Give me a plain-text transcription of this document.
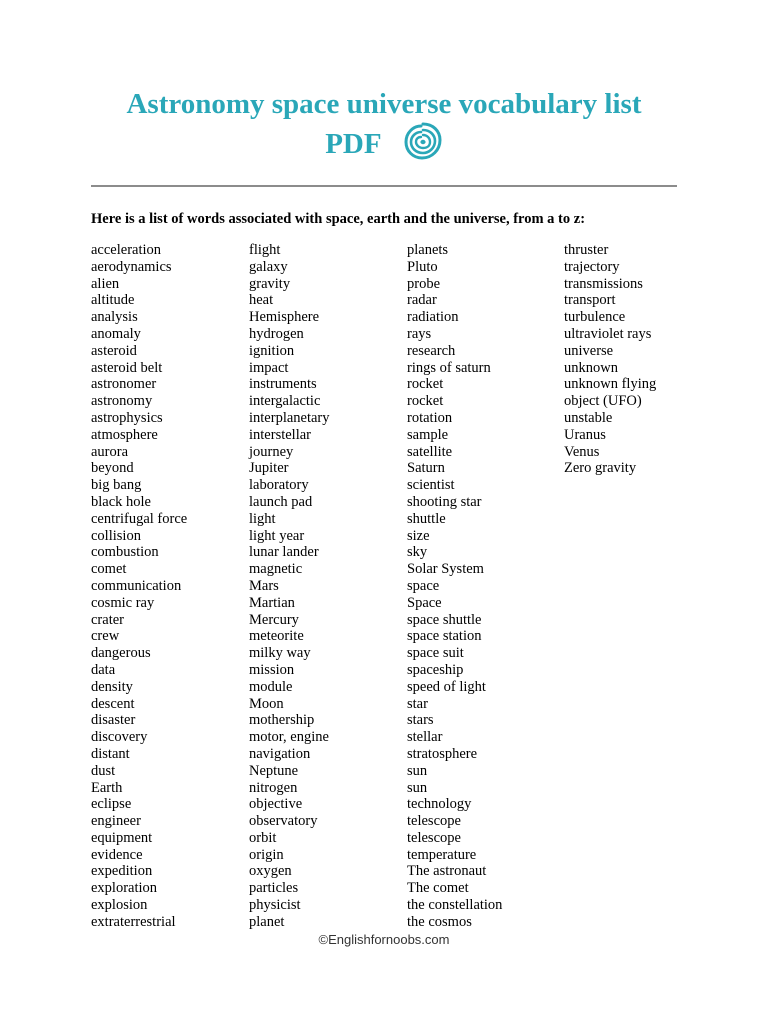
Astronomy space universe vocabulary list
PDF
Here is a list of words associated with space, earth and the universe, from a to z:
acceleration
aerodynamics
alien
altitude
analysis
anomaly
asteroid
asteroid belt
astronomer
astronomy
astrophysics
atmosphere
aurora
beyond
big bang
black hole
centrifugal force
collision
combustion
comet
communication
cosmic ray
crater
crew
dangerous
data
density
descent
disaster
discovery
distant
dust
Earth
eclipse
engineer
equipment
evidence
expedition
exploration
explosion
extraterrestrial
flight
galaxy
gravity
heat
Hemisphere
hydrogen
ignition
impact
instruments
intergalactic
interplanetary
interstellar
journey
Jupiter
laboratory
launch pad
light
light year
lunar lander
magnetic
Mars
Martian
Mercury
meteorite
milky way
mission
module
Moon
mothership
motor, engine
navigation
Neptune
nitrogen
objective
observatory
orbit
origin
oxygen
particles
physicist
planet
planets
Pluto
probe
radar
radiation
rays
research
rings of saturn
rocket
rocket
rotation
sample
satellite
Saturn
scientist
shooting star
shuttle
size
sky
Solar System
space
Space
space shuttle
space station
space suit
spaceship
speed of light
star
stars
stellar
stratosphere
sun
sun
technology
telescope
telescope
temperature
The astronaut
The comet
the constellation
the cosmos
thruster
trajectory
transmissions
transport
turbulence
ultraviolet rays
universe
unknown
unknown flying
object (UFO)
unstable
Uranus
Venus
Zero gravity
©Englishfornoobs.com
